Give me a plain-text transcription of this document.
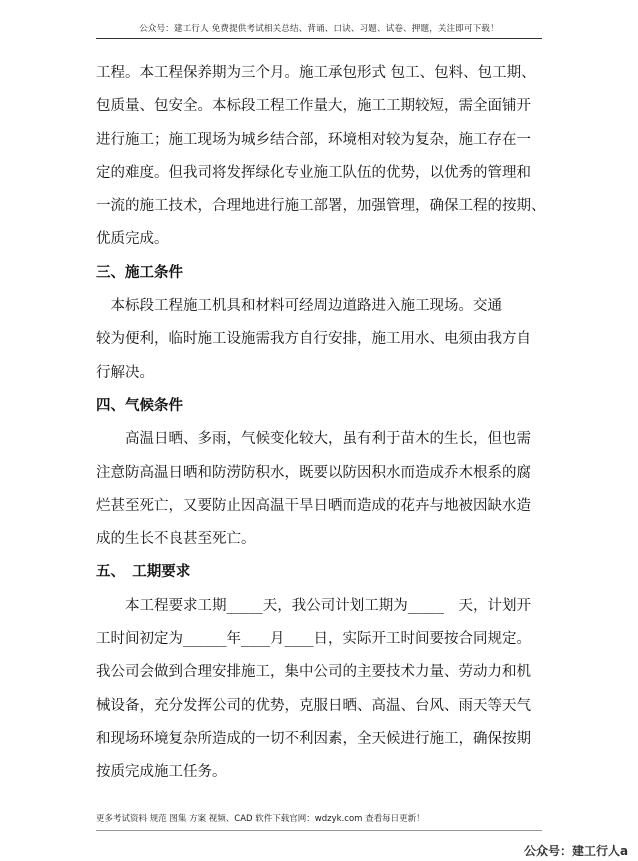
公众号：建工行人 免费提供考试相关总结、背诵、口诀、习题、试卷、押题，关注即可下载！
工程。本工程保养期为三个月。施工承包形式 包工、包料、包工期、
包质量、包安全。本标段工程工作量大，施工工期较短，需全面铺开
进行施工；施工现场为城乡结合部，环境相对较为复杂，施工存在一
定的难度。但我司将发挥绿化专业施工队伍的优势，以优秀的管理和
一流的施工技术，合理地进行施工部署，加强管理，确保工程的按期、
优质完成。
三、施工条件
　本标段工程施工机具和材料可经周边道路进入施工现场。交通
较为便利，临时施工设施需我方自行安排，施工用水、电须由我方自
行解决。
四、气候条件
　　高温日晒、多雨，气候变化较大，虽有利于苗木的生长，但也需
注意防高温日晒和防涝防积水，既要以防因积水而造成乔木根系的腐
烂甚至死亡，又要防止因高温干旱日晒而造成的花卉与地被因缺水造
成的生长不良甚至死亡。
五、　工期要求
　　本工程要求工期_____天，我公司计划工期为_____　天，计划开
工时间初定为______年____月____日，实际开工时间要按合同规定。
我公司会做到合理安排施工，集中公司的主要技术力量、劳动力和机
械设备，充分发挥公司的优势，克服日晒、高温、台风、雨天等天气
和现场环境复杂所造成的一切不利因素，全天候进行施工，确保按期
按质完成施工任务。
更多考试资料 规范 图集 方案 视频、CAD 软件下载官网：wdzyk.com 查看每日更新！
公众号：建工行人a
